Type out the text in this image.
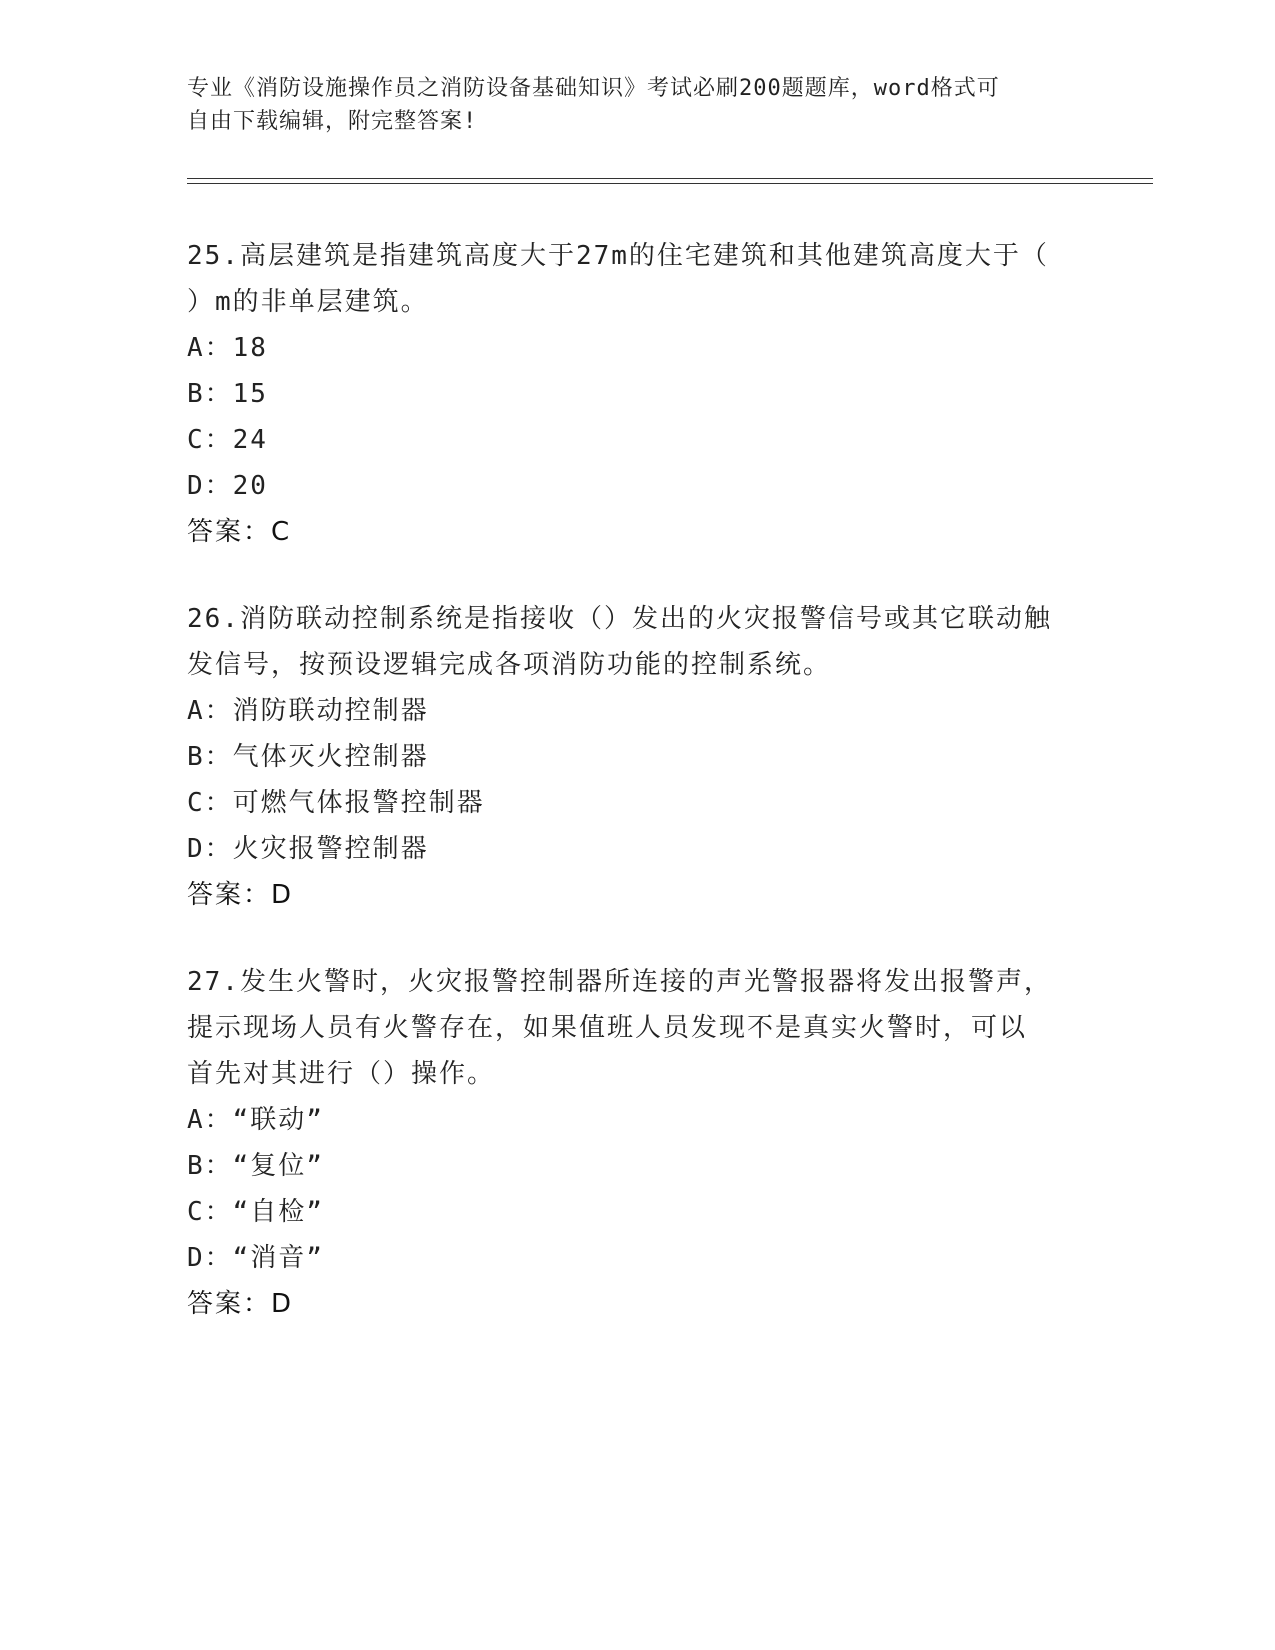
专业《消防设施操作员之消防设备基础知识》考试必刷200题题库，word格式可
自由下载编辑，附完整答案!

25.高层建筑是指建筑高度大于27m的住宅建筑和其他建筑高度大于（

）m的非单层建筑。

A：18

B：15

C：24

D：20

答案：C

26.消防联动控制系统是指接收（）发出的火灾报警信号或其它联动触

发信号，按预设逻辑完成各项消防功能的控制系统。

A：消防联动控制器

B：气体灭火控制器

C：可燃气体报警控制器

D：火灾报警控制器

答案：D

27.发生火警时，火灾报警控制器所连接的声光警报器将发出报警声，

提示现场人员有火警存在，如果值班人员发现不是真实火警时，可以

首先对其进行（）操作。

A：“联动”

B：“复位”

C：“自检”

D：“消音”

答案：D
